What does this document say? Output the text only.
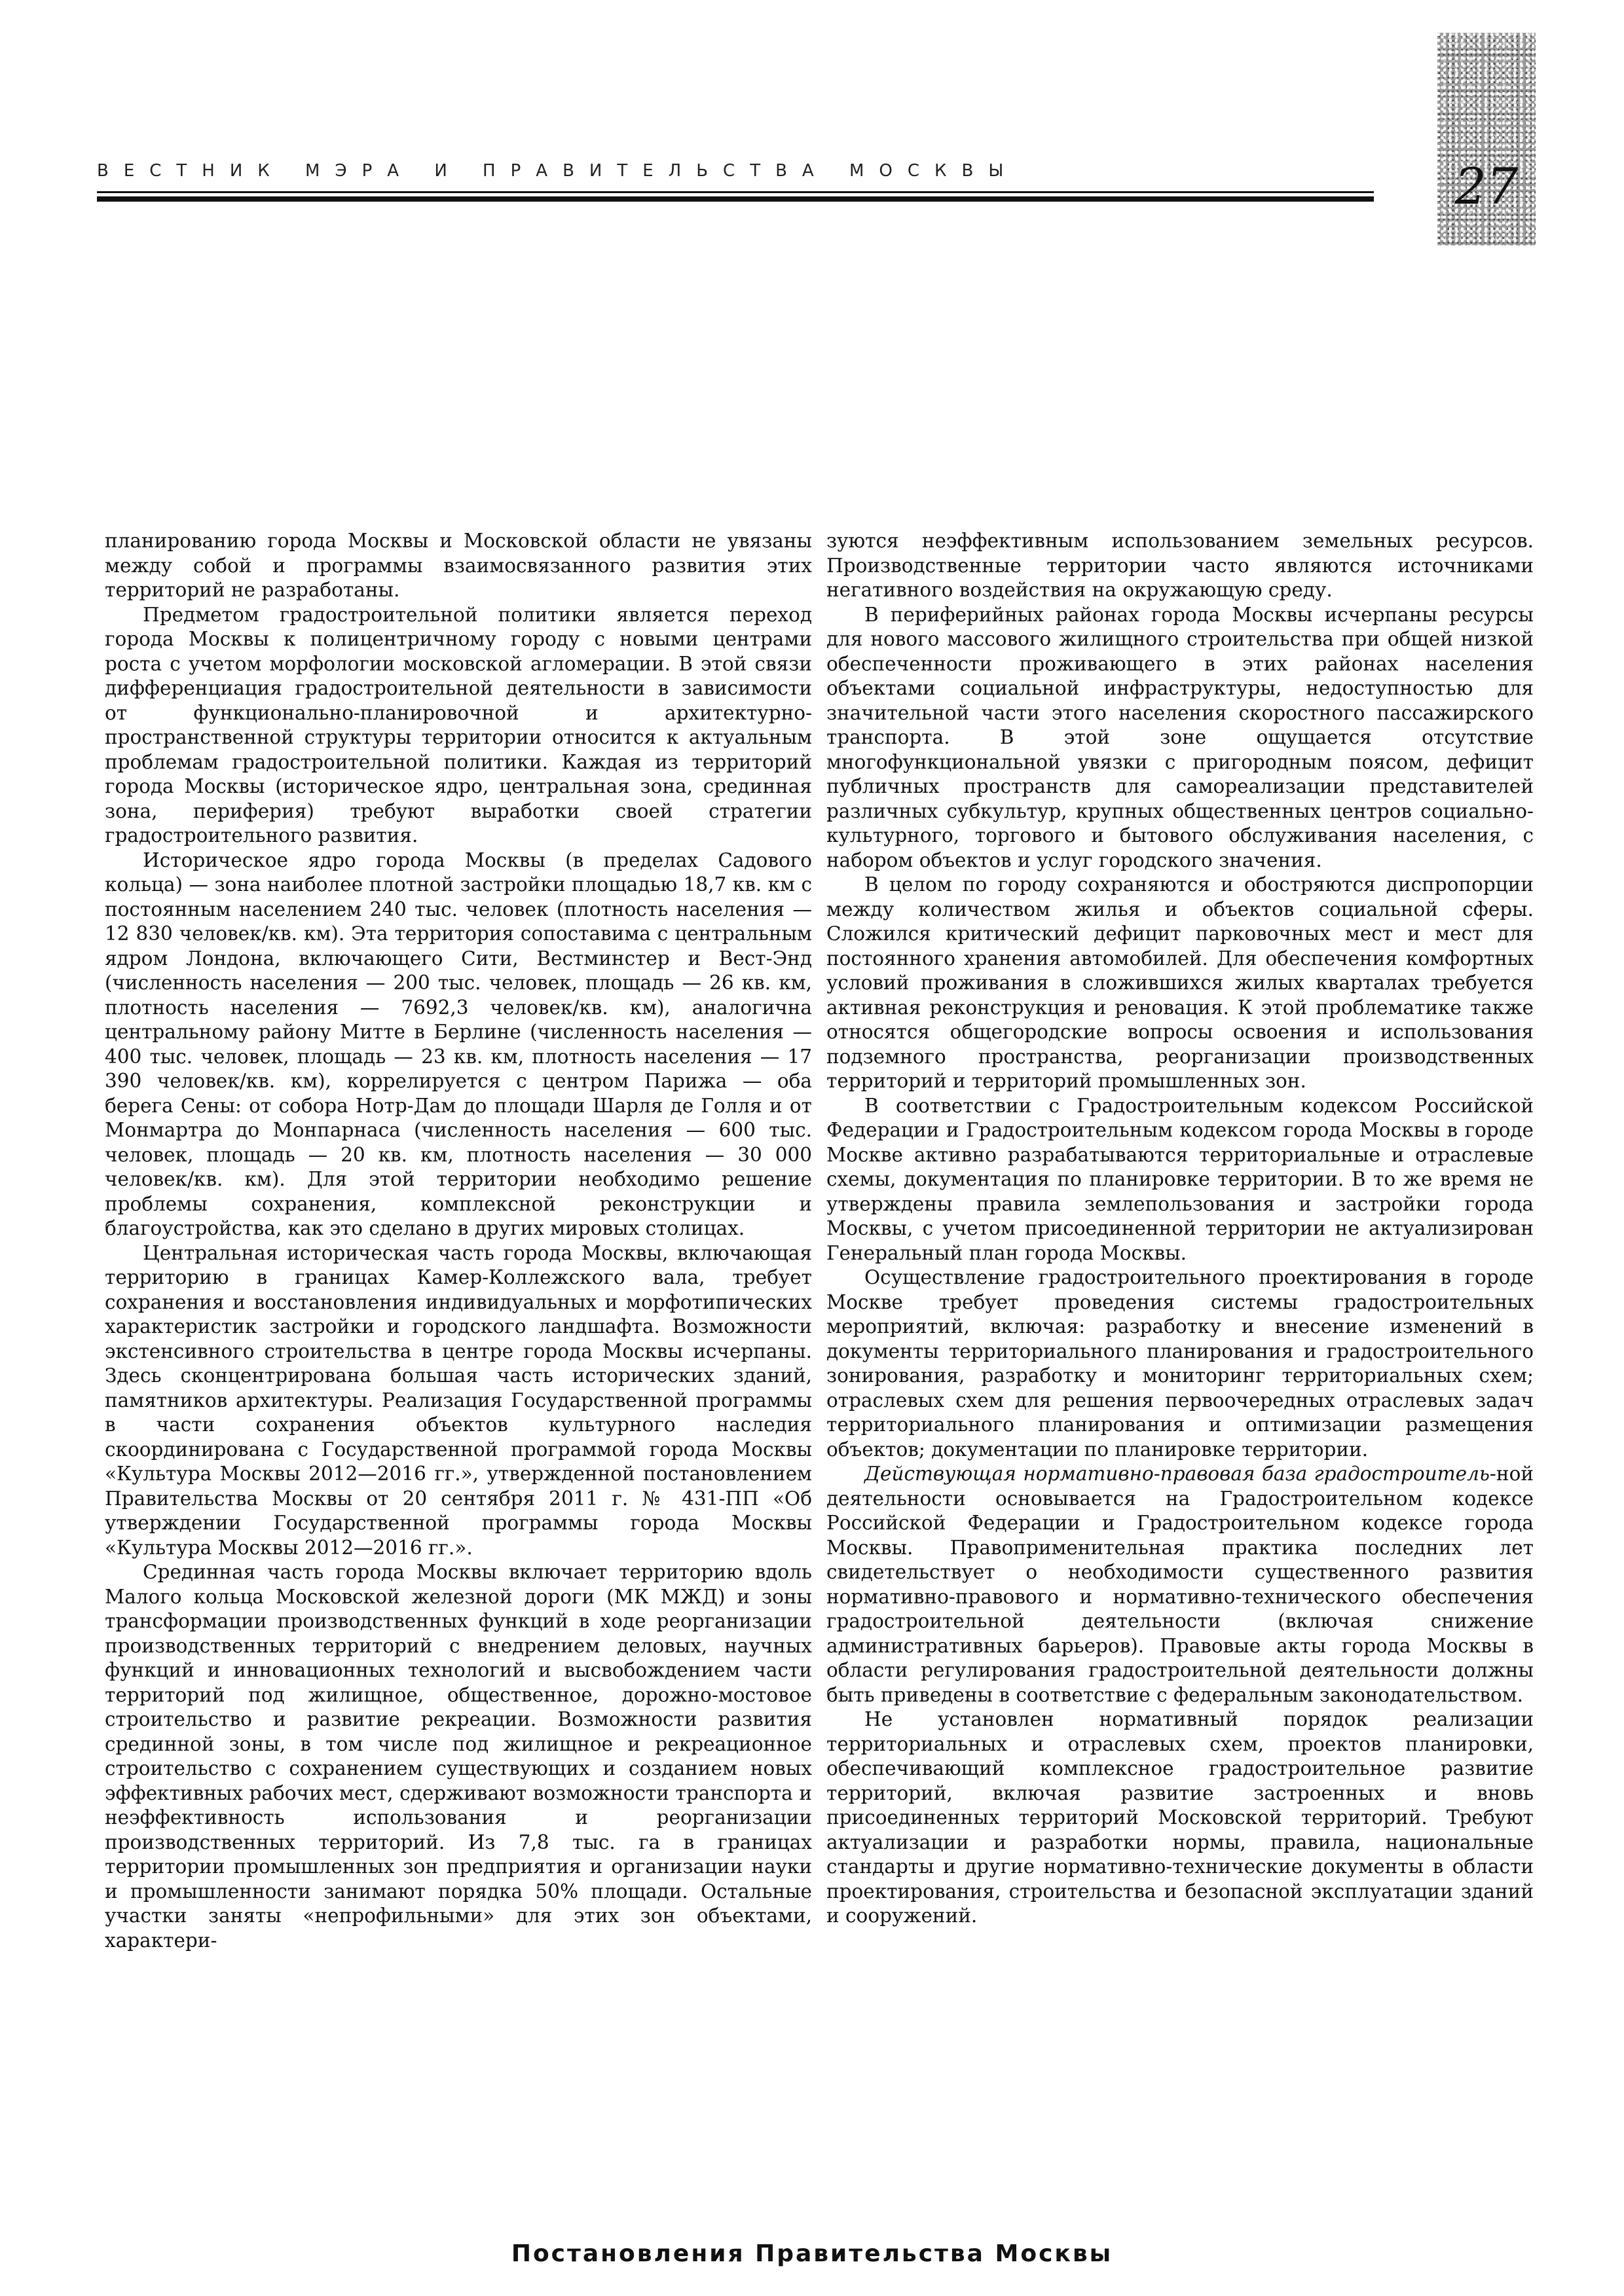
ВЕСТНИК МЭРА И ПРАВИТЕЛЬСТВА МОСКВЫ	27

планированию города Москвы и Московской области не увязаны между собой и программы взаимосвязанного развития этих территорий не разработаны.

Предметом градостроительной политики является переход города Москвы к полицентричному городу с новыми центрами роста с учетом морфологии московской агломерации. В этой связи дифференциация градостроительной деятельности в зависимости от функционально-планировочной и архитектурно-пространственной структуры территории относится к актуальным проблемам градостроительной политики. Каждая из территорий города Москвы (историческое ядро, центральная зона, срединная зона, периферия) требуют выработки своей стратегии градостроительного развития.

Историческое ядро города Москвы (в пределах Садового кольца) — зона наиболее плотной застройки площадью 18,7 кв. км с постоянным населением 240 тыс. человек (плотность населения — 12 830 человек/кв. км). Эта территория сопоставима с центральным ядром Лондона, включающего Сити, Вестминстер и Вест-Энд (численность населения — 200 тыс. человек, площадь — 26 кв. км, плотность населения — 7692,3 человек/кв. км), аналогична центральному району Митте в Берлине (численность населения — 400 тыс. человек, площадь — 23 кв. км, плотность населения — 17 390 человек/кв. км), коррелируется с центром Парижа — оба берега Сены: от собора Нотр-Дам до площади Шарля де Голля и от Монмартра до Монпарнаса (численность населения — 600 тыс. человек, площадь — 20 кв. км, плотность населения — 30 000 человек/кв. км). Для этой территории необходимо решение проблемы сохранения, комплексной реконструкции и благоустройства, как это сделано в других мировых столицах.

Центральная историческая часть города Москвы, включающая территорию в границах Камер-Коллежского вала, требует сохранения и восстановления индивидуальных и морфотипических характеристик застройки и городского ландшафта. Возможности экстенсивного строительства в центре города Москвы исчерпаны. Здесь сконцентрирована большая часть исторических зданий, памятников архитектуры. Реализация Государственной программы в части сохранения объектов культурного наследия скоординирована с Государственной программой города Москвы «Культура Москвы 2012—2016 гг.», утвержденной постановлением Правительства Москвы от 20 сентября 2011 г. № 431-ПП «Об утверждении Государственной программы города Москвы «Культура Москвы 2012—2016 гг.».

Срединная часть города Москвы включает территорию вдоль Малого кольца Московской железной дороги (МК МЖД) и зоны трансформации производственных функций в ходе реорганизации производственных территорий с внедрением деловых, научных функций и инновационных технологий и высвобождением части территорий под жилищное, общественное, дорожно-мостовое строительство и развитие рекреации. Возможности развития срединной зоны, в том числе под жилищное и рекреационное строительство с сохранением существующих и созданием новых эффективных рабочих мест, сдерживают возможности транспорта и неэффективность использования и реорганизации производственных территорий. Из 7,8 тыс. га в границах территории промышленных зон предприятия и организации науки и промышленности занимают порядка 50% площади. Остальные участки заняты «непрофильными» для этих зон объектами, характери-

зуются неэффективным использованием земельных ресурсов. Производственные территории часто являются источниками негативного воздействия на окружающую среду.

В периферийных районах города Москвы исчерпаны ресурсы для нового массового жилищного строительства при общей низкой обеспеченности проживающего в этих районах населения объектами социальной инфраструктуры, недоступностью для значительной части этого населения скоростного пассажирского транспорта. В этой зоне ощущается отсутствие многофункциональной увязки с пригородным поясом, дефицит публичных пространств для самореализации представителей различных субкультур, крупных общественных центров социально-культурного, торгового и бытового обслуживания населения, с набором объектов и услуг городского значения.

В целом по городу сохраняются и обостряются диспропорции между количеством жилья и объектов социальной сферы. Сложился критический дефицит парковочных мест и мест для постоянного хранения автомобилей. Для обеспечения комфортных условий проживания в сложившихся жилых кварталах требуется активная реконструкция и реновация. К этой проблематике также относятся общегородские вопросы освоения и использования подземного пространства, реорганизации производственных территорий и территорий промышленных зон.

В соответствии с Градостроительным кодексом Российской Федерации и Градостроительным кодексом города Москвы в городе Москве активно разрабатываются территориальные и отраслевые схемы, документация по планировке территории. В то же время не утверждены правила землепользования и застройки города Москвы, с учетом присоединенной территории не актуализирован Генеральный план города Москвы.

Осуществление градостроительного проектирования в городе Москве требует проведения системы градостроительных мероприятий, включая: разработку и внесение изменений в документы территориального планирования и градостроительного зонирования, разработку и мониторинг территориальных схем; отраслевых схем для решения первоочередных отраслевых задач территориального планирования и оптимизации размещения объектов; документации по планировке территории.

Действующая нормативно-правовая база градостроитель-ной деятельности основывается на Градостроительном кодексе Российской Федерации и Градостроительном кодексе города Москвы. Правоприменительная практика последних лет свидетельствует о необходимости существенного развития нормативно-правового и нормативно-технического обеспечения градостроительной деятельности (включая снижение административных барьеров). Правовые акты города Москвы в области регулирования градостроительной деятельности должны быть приведены в соответствие с федеральным законодательством.

Не установлен нормативный порядок реализации территориальных и отраслевых схем, проектов планировки, обеспечивающий комплексное градостроительное развитие территорий, включая развитие застроенных и вновь присоединенных территорий Московской территорий. Требуют актуализации и разработки нормы, правила, национальные стандарты и другие нормативно-технические документы в области проектирования, строительства и безопасной эксплуатации зданий и сооружений.

Постановления Правительства Москвы
